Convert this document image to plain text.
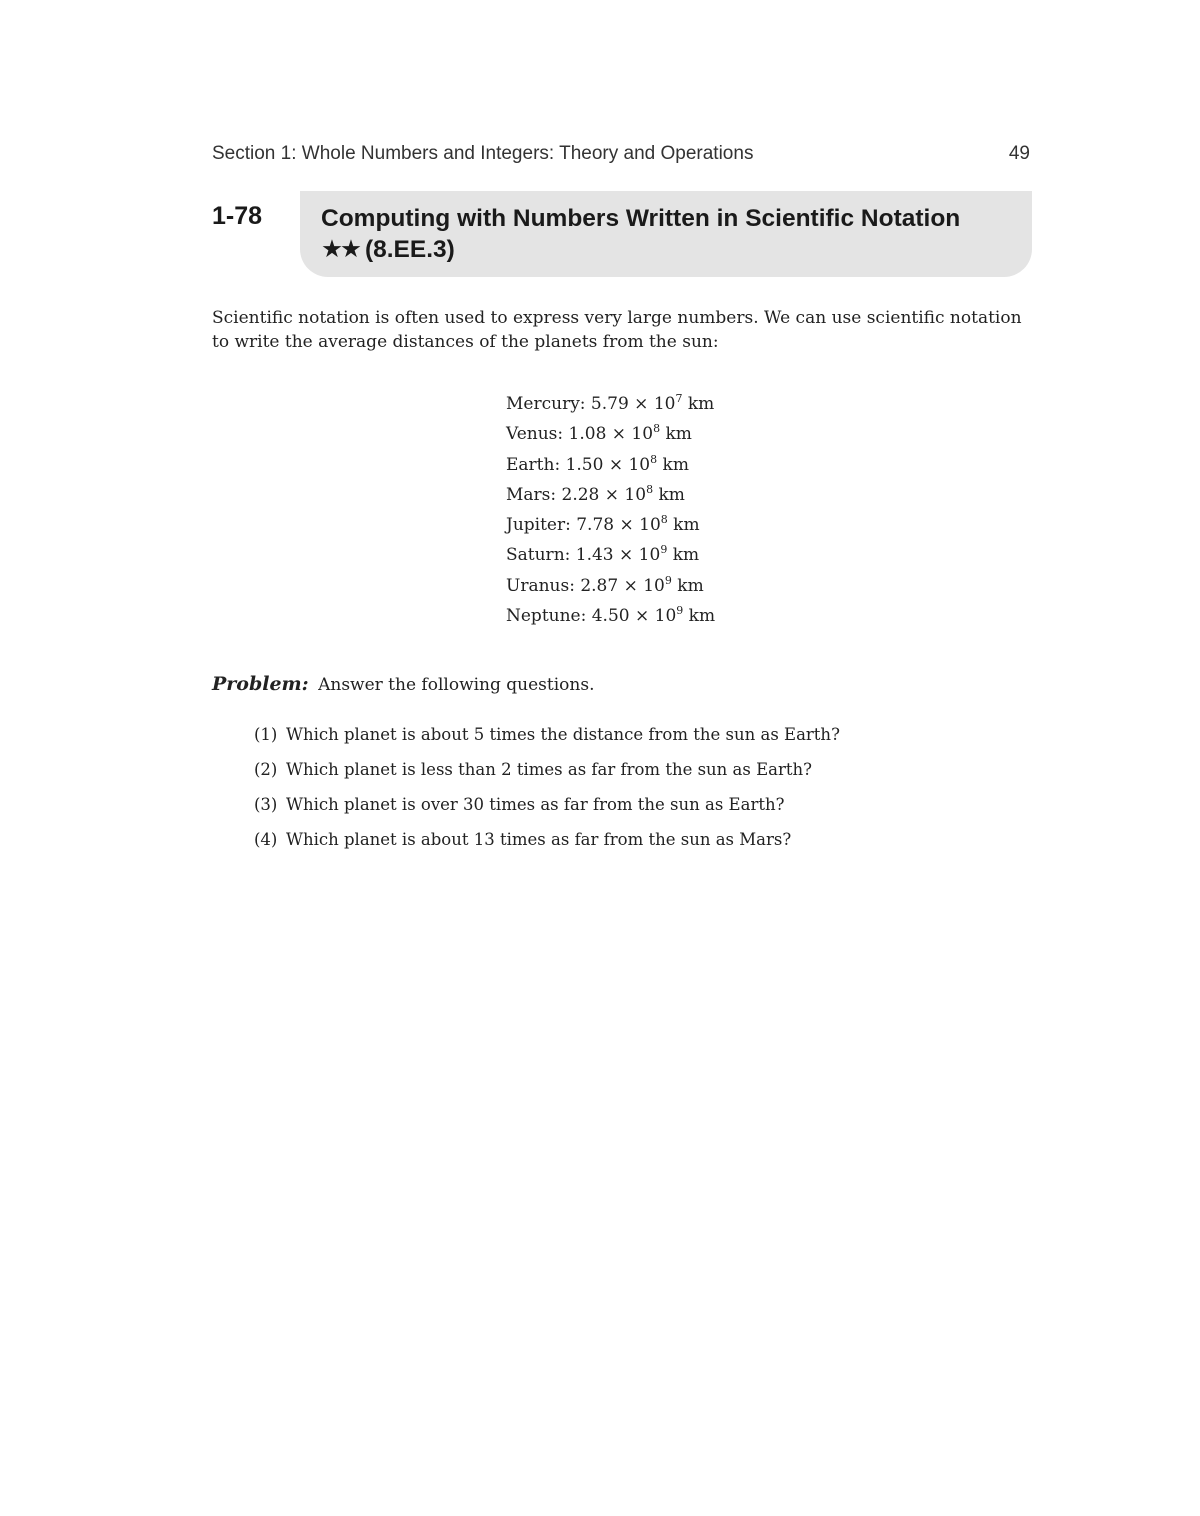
Section 1: Whole Numbers and Integers: Theory and Operations	49
1-78 Computing with Numbers Written in Scientific Notation
★★ (8.EE.3)
Scientific notation is often used to express very large numbers. We can use scientific notation to write the average distances of the planets from the sun:
Mercury: $5.79 \times 10^7$ km
Venus: $1.08 \times 10^8$ km
Earth: $1.50 \times 10^8$ km
Mars: $2.28 \times 10^8$ km
Jupiter: $7.78 \times 10^8$ km
Saturn: $1.43 \times 10^9$ km
Uranus: $2.87 \times 10^9$ km
Neptune: $4.50 \times 10^9$ km
Problem: Answer the following questions.
(1) Which planet is about 5 times the distance from the sun as Earth?
(2) Which planet is less than 2 times as far from the sun as Earth?
(3) Which planet is over 30 times as far from the sun as Earth?
(4) Which planet is about 13 times as far from the sun as Mars?
